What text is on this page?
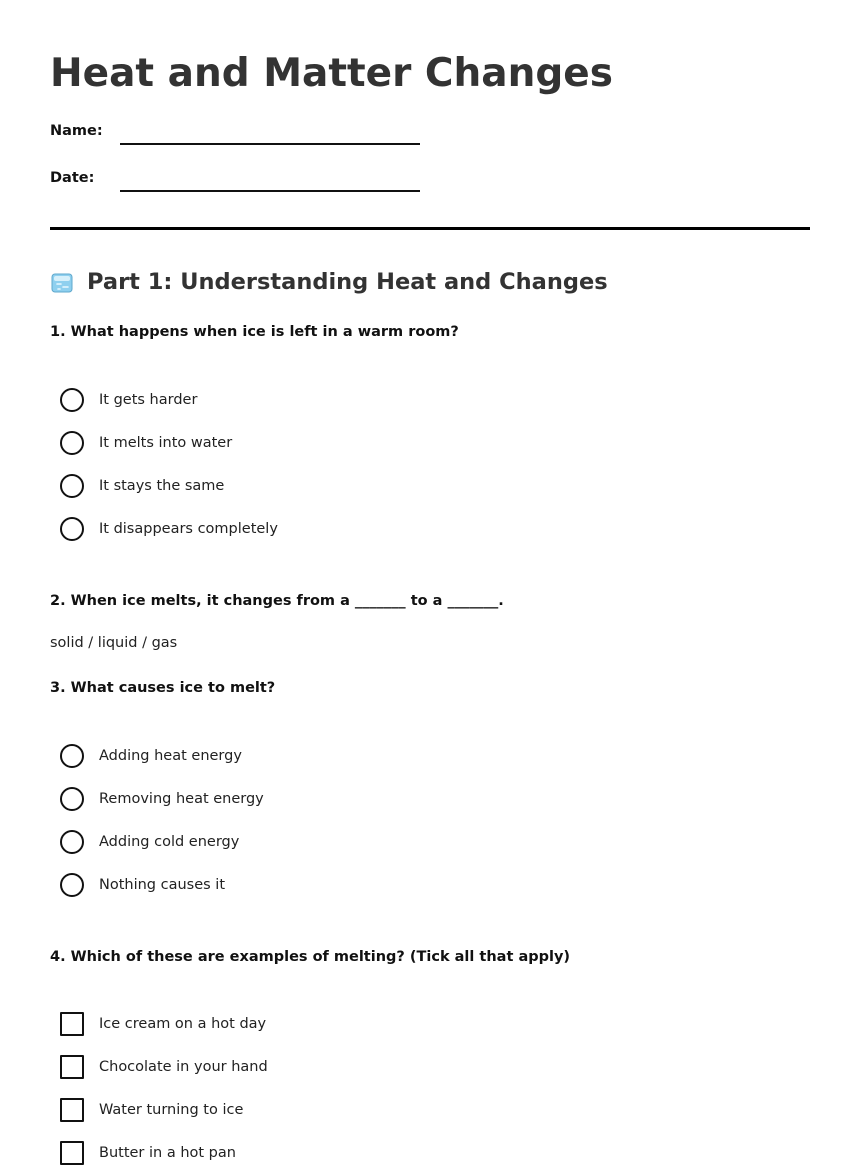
Heat and Matter Changes
Name:
Date:
Part 1: Understanding Heat and Changes

1. What happens when ice is left in a warm room?

It gets harder
It melts into water
It stays the same
It disappears completely

2. When ice melts, it changes from a _______ to a _______.

solid / liquid / gas

3. What causes ice to melt?

Adding heat energy
Removing heat energy
Adding cold energy
Nothing causes it

4. Which of these are examples of melting? (Tick all that apply)

Ice cream on a hot day
Chocolate in your hand
Water turning to ice
Butter in a hot pan
